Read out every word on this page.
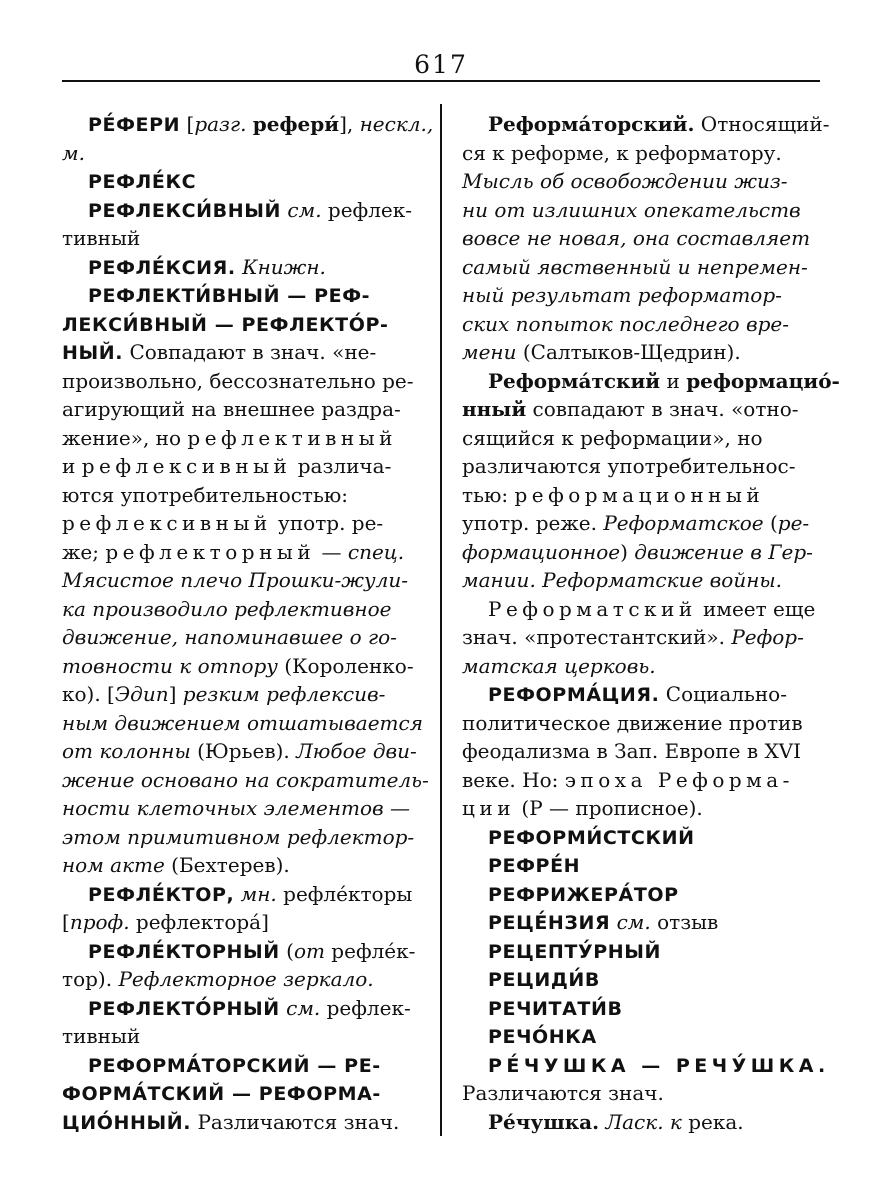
617
РЕ́ФЕРИ [разг. рефери́], нескл.,
м.
РЕФЛЕ́КС
РЕФЛЕКСИ́ВНЫЙ см. рефлек-
тивный
РЕФЛЕ́КСИЯ. Книжн.
РЕФЛЕКТИ́ВНЫЙ — РЕФ-
ЛЕКСИ́ВНЫЙ — РЕФЛЕКТО́Р-
НЫЙ. Совпадают в знач. «не-
произвольно, бессознательно ре-
агирующий на внешнее раздра-
жение», но рефлективный
и рефлексивный различа-
ются употребительностью:
рефлексивный употр. ре-
же; рефлекторный — спец.
Мясистое плечо Прошки-жули-
ка производило рефлективное
движение, напоминавшее о го-
товности к отпору (Короленко-
ко). [Эдип] резким рефлексив-
ным движением отшатывается
от колонны (Юрьев). Любое дви-
жение основано на сократитель-
ности клеточных элементов —
этом примитивном рефлектор-
ном акте (Бехтерев).
РЕФЛЕ́КТОР, мн. рефле́кторы
[проф. рефлектора́]
РЕФЛЕ́КТОРНЫЙ (от рефле́к-
тор). Рефлекторное зеркало.
РЕФЛЕКТО́РНЫЙ см. рефлек-
тивный
РЕФОРМА́ТОРСКИЙ — РЕ-
ФОРМА́ТСКИЙ — РЕФОРМА-
ЦИО́ННЫЙ. Различаются знач.
Реформа́торский. Относящий-
ся к реформе, к реформатору.
Мысль об освобождении жиз-
ни от излишних опекательств
вовсе не новая, она составляет
самый явственный и непремен-
ный результат реформатор-
ских попыток последнего вре-
мени (Салтыков-Щедрин).
Реформа́тский и реформацио́-
нный совпадают в знач. «отно-
сящийся к реформации», но
различаются употребительнос-
тью: реформационный
употр. реже. Реформатское (ре-
формационное) движение в Гер-
мании. Реформатские войны.
Реформатский имеет еще
знач. «протестантский». Рефор-
матская церковь.
РЕФОРМА́ЦИЯ. Социально-
политическое движение против
феодализма в Зап. Европе в XVI
веке. Но: эпоха Реформа-
ции (Р — прописное).
РЕФОРМИ́СТСКИЙ
РЕФРЕ́Н
РЕФРИЖЕРА́ТОР
РЕЦЕ́НЗИЯ см. отзыв
РЕЦЕПТУ́РНЫЙ
РЕЦИДИ́В
РЕЧИТАТИ́В
РЕЧО́НКА
РЕ́ЧУШКА — РЕЧУ́ШКА.
Различаются знач.
Ре́чушка. Ласк. к река.
